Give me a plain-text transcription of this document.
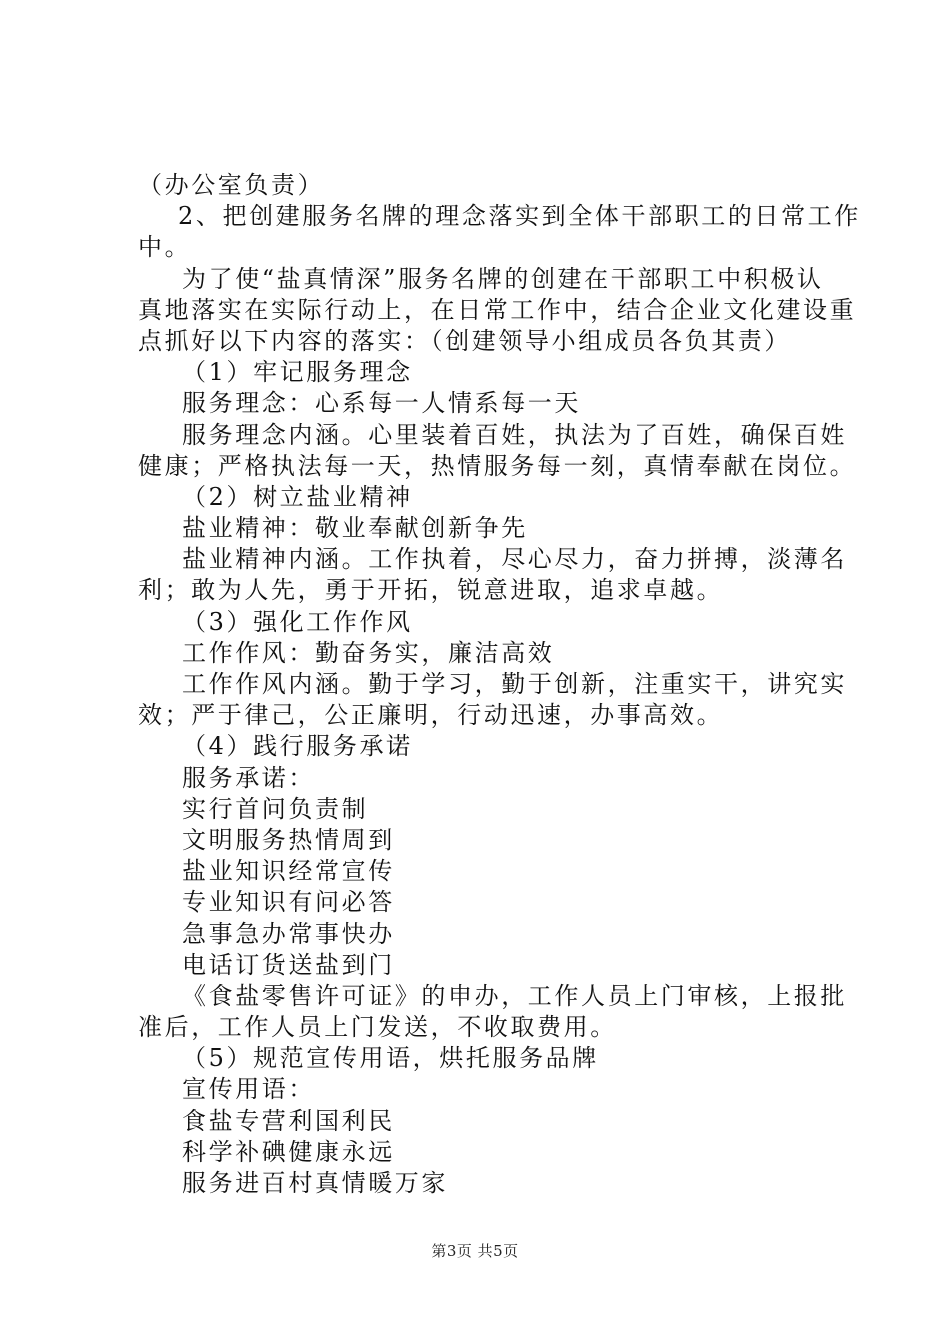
（办公室负责）
2、把创建服务名牌的理念落实到全体干部职工的日常工作
中。
为了使“盐真情深”服务名牌的创建在干部职工中积极认
真地落实在实际行动上，在日常工作中，结合企业文化建设重
点抓好以下内容的落实：（创建领导小组成员各负其责）
（1）牢记服务理念
服务理念：心系每一人情系每一天
服务理念内涵。心里装着百姓，执法为了百姓，确保百姓
健康；严格执法每一天，热情服务每一刻，真情奉献在岗位。
（2）树立盐业精神
盐业精神：敬业奉献创新争先
盐业精神内涵。工作执着，尽心尽力，奋力拼搏，淡薄名
利；敢为人先，勇于开拓，锐意进取，追求卓越。
（3）强化工作作风
工作作风：勤奋务实，廉洁高效
工作作风内涵。勤于学习，勤于创新，注重实干，讲究实
效；严于律己，公正廉明，行动迅速，办事高效。
（4）践行服务承诺
服务承诺：
实行首问负责制
文明服务热情周到
盐业知识经常宣传
专业知识有问必答
急事急办常事快办
电话订货送盐到门
《食盐零售许可证》的申办，工作人员上门审核，上报批
准后，工作人员上门发送，不收取费用。
（5）规范宣传用语，烘托服务品牌
宣传用语：
食盐专营利国利民
科学补碘健康永远
服务进百村真情暖万家
第3页 共5页
